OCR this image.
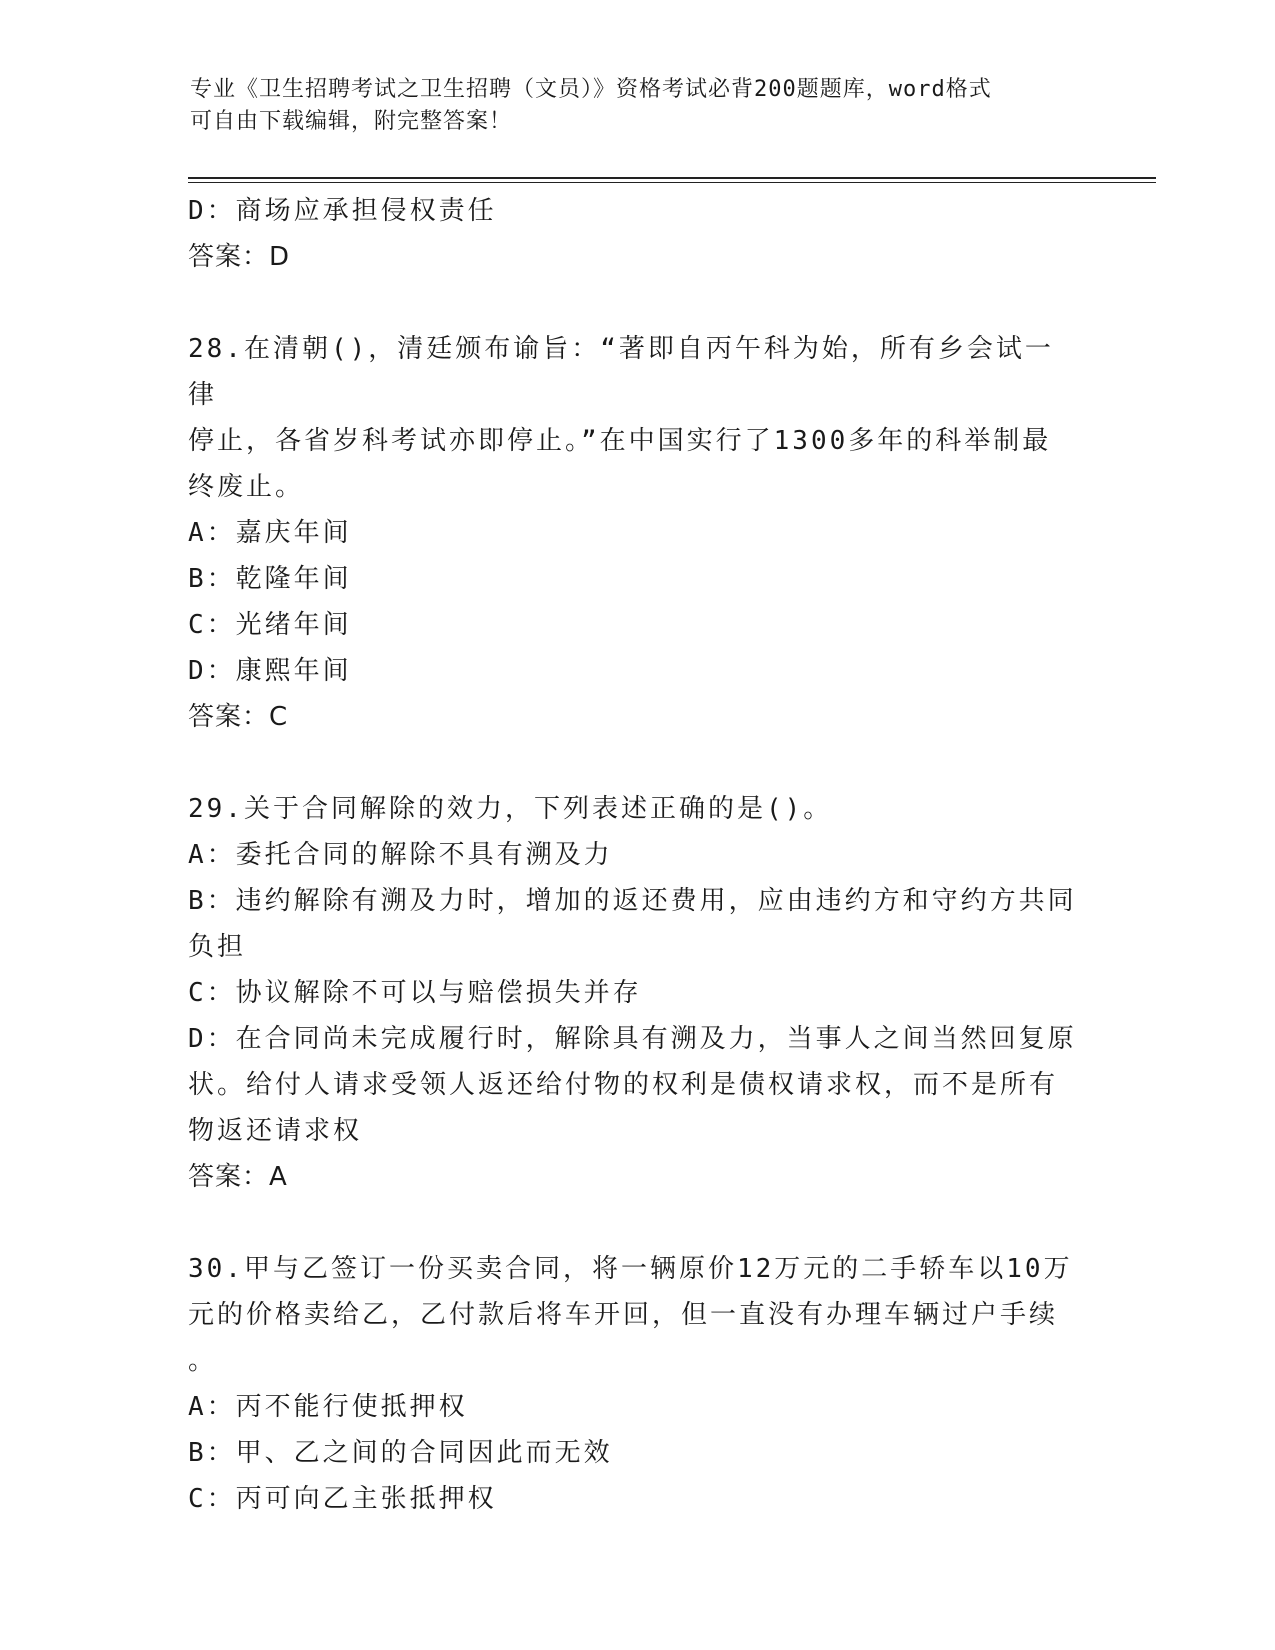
专业《卫生招聘考试之卫生招聘（文员）》资格考试必背200题题库，word格式
可自由下载编辑，附完整答案！
D：商场应承担侵权责任
答案：D
28.在清朝()，清廷颁布谕旨：“著即自丙午科为始，所有乡会试一律
停止，各省岁科考试亦即停止。”在中国实行了1300多年的科举制最
终废止。
A：嘉庆年间
B：乾隆年间
C：光绪年间
D：康熙年间
答案：C
29.关于合同解除的效力，下列表述正确的是()。
A：委托合同的解除不具有溯及力
B：违约解除有溯及力时，增加的返还费用，应由违约方和守约方共同
负担
C：协议解除不可以与赔偿损失并存
D：在合同尚未完成履行时，解除具有溯及力，当事人之间当然回复原
状。给付人请求受领人返还给付物的权利是债权请求权，而不是所有
物返还请求权
答案：A
30.甲与乙签订一份买卖合同，将一辆原价12万元的二手轿车以10万
元的价格卖给乙，乙付款后将车开回，但一直没有办理车辆过户手续
。
A：丙不能行使抵押权
B：甲、乙之间的合同因此而无效
C：丙可向乙主张抵押权
